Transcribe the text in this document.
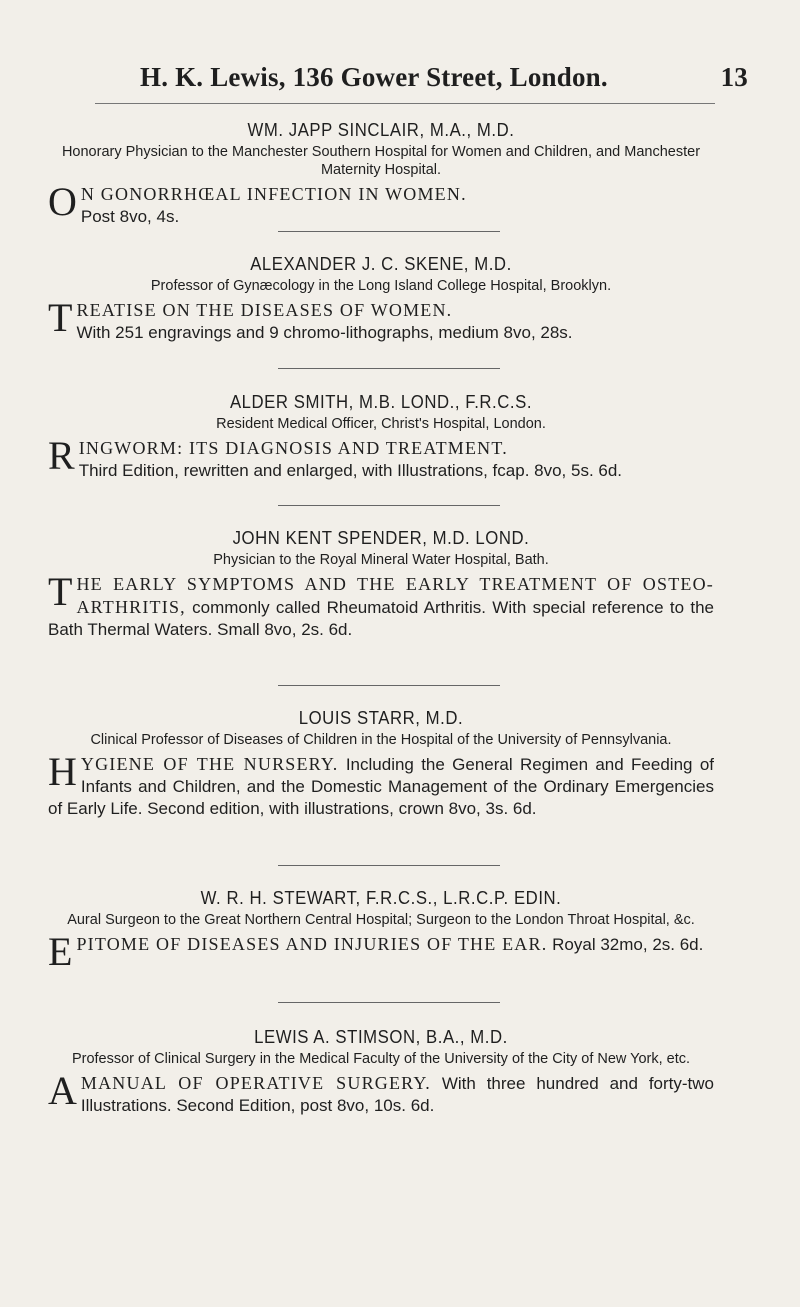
H. K. Lewis, 136 Gower Street, London.	13
WM. JAPP SINCLAIR, M.A., M.D.
Honorary Physician to the Manchester Southern Hospital for Women and Children, and Manchester Maternity Hospital.
O N GONORRHŒAL INFECTION IN WOMEN.
Post 8vo, 4s.
ALEXANDER J. C. SKENE, M.D.
Professor of Gynæcology in the Long Island College Hospital, Brooklyn.
T REATISE ON THE DISEASES OF WOMEN.
With 251 engravings and 9 chromo-lithographs, medium 8vo, 28s.
ALDER SMITH, M.B. LOND., F.R.C.S.
Resident Medical Officer, Christ's Hospital, London.
R INGWORM: ITS DIAGNOSIS AND TREATMENT.
Third Edition, rewritten and enlarged, with Illustrations, fcap. 8vo, 5s. 6d.
JOHN KENT SPENDER, M.D. LOND.
Physician to the Royal Mineral Water Hospital, Bath.
T HE EARLY SYMPTOMS AND THE EARLY TREATMENT OF OSTEO-ARTHRITIS, commonly called Rheumatoid Arthritis. With special reference to the Bath Thermal Waters. Small 8vo, 2s. 6d.
LOUIS STARR, M.D.
Clinical Professor of Diseases of Children in the Hospital of the University of Pennsylvania.
H YGIENE OF THE NURSERY. Including the General Regimen and Feeding of Infants and Children, and the Domestic Management of the Ordinary Emergencies of Early Life. Second edition, with illustrations, crown 8vo, 3s. 6d.
W. R. H. STEWART, F.R.C.S., L.R.C.P. EDIN.
Aural Surgeon to the Great Northern Central Hospital; Surgeon to the London Throat Hospital, &c.
E PITOME OF DISEASES AND INJURIES OF THE EAR. Royal 32mo, 2s. 6d.
LEWIS A. STIMSON, B.A., M.D.
Professor of Clinical Surgery in the Medical Faculty of the University of the City of New York, etc.
A MANUAL OF OPERATIVE SURGERY. With three hundred and forty-two Illustrations. Second Edition, post 8vo, 10s. 6d.
